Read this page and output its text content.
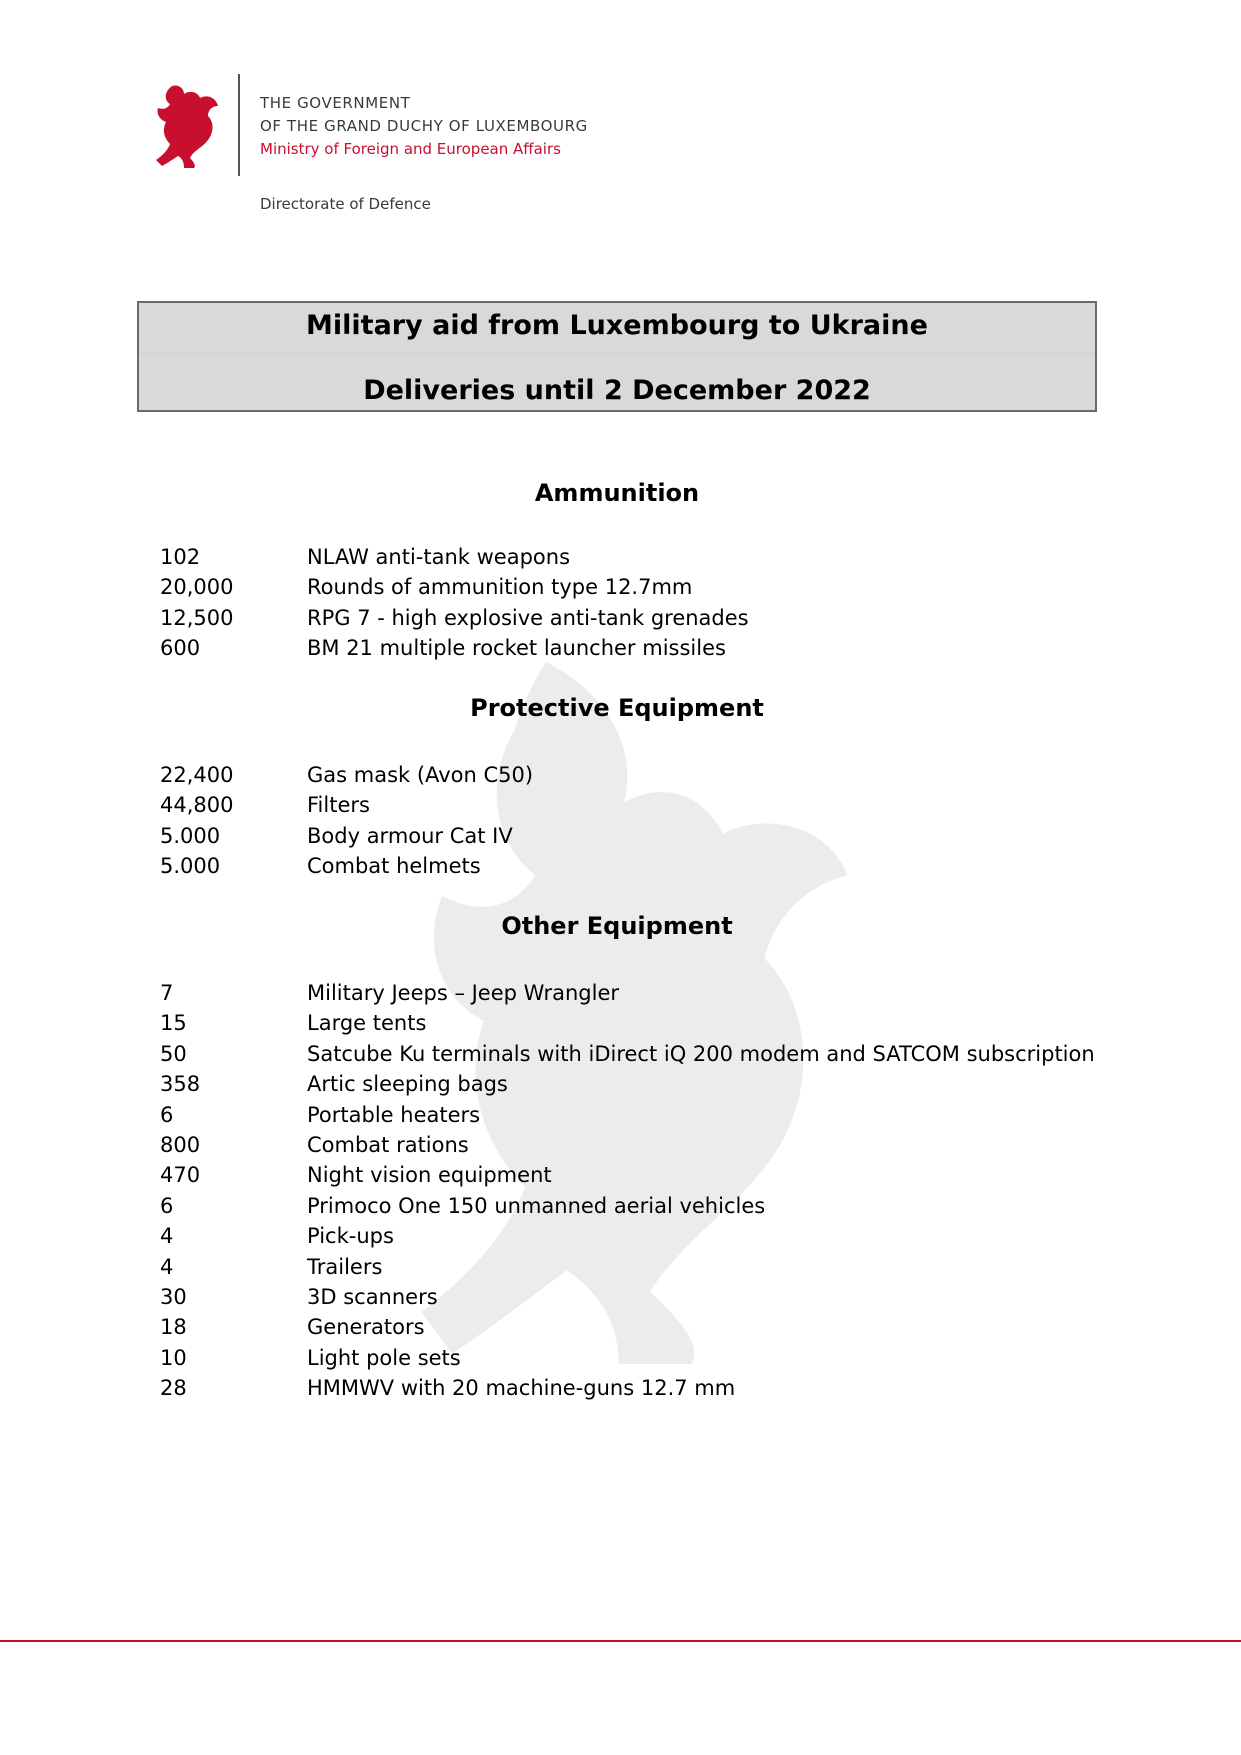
THE GOVERNMENT
OF THE GRAND DUCHY OF LUXEMBOURG
Ministry of Foreign and European Affairs
Directorate of Defence
Military aid from Luxembourg to Ukraine
Deliveries until 2 December 2022
Ammunition
102	NLAW anti-tank weapons
20,000	Rounds of ammunition type 12.7mm
12,500	RPG 7 - high explosive anti-tank grenades
600	BM 21 multiple rocket launcher missiles
Protective Equipment
22,400	Gas mask (Avon C50)
44,800	Filters
5.000	Body armour Cat IV
5.000	Combat helmets
Other Equipment
7	Military Jeeps – Jeep Wrangler
15	Large tents
50	Satcube Ku terminals with iDirect iQ 200 modem and SATCOM subscription
358	Artic sleeping bags
6	Portable heaters
800	Combat rations
470	Night vision equipment
6	Primoco One 150 unmanned aerial vehicles
4	Pick-ups
4	Trailers
30	3D scanners
18	Generators
10	Light pole sets
28	HMMWV with 20 machine-guns 12.7 mm
